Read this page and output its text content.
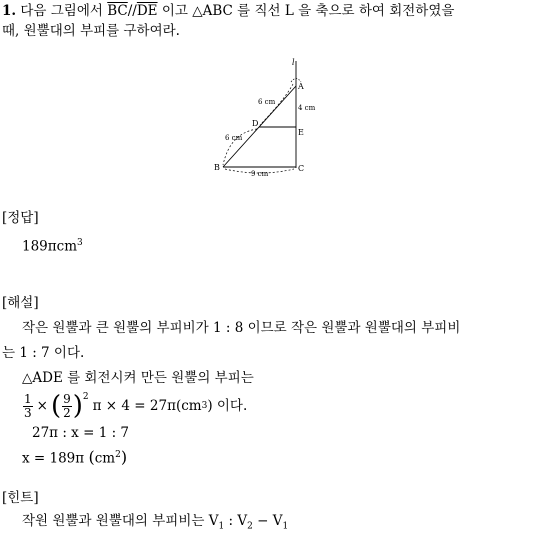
1. 다음 그림에서 $\overline{BC}//\overline{DE}$ 이고 △ABC 를 직선 L 을 축으로 하여 회전하였을
때, 원뿔대의 부피를 구하여라.
l
A
D
E
B	C
6 cm
6 cm
4 cm
9 cm
[정답]
189πcm$^3$
[해설]
작은 원뿔과 큰 원뿔의 부피비가 1 : 8 이므로 작은 원뿔과 원뿔대의 부피비
는 1 : 7 이다.
△ADE 를 회전시켜 만든 원뿔의 부피는
$\frac{1}{3}$ × ( $\frac{9}{2} )^2$
π × 4 = 27π(cm 3 ) 이다.
27π : x = 1 : 7
x = 189π $(cm^2)$
[힌트]
작원 원뿔과 원뿔대의 부피비는 $V_1$ : $V_2 - V_1$
